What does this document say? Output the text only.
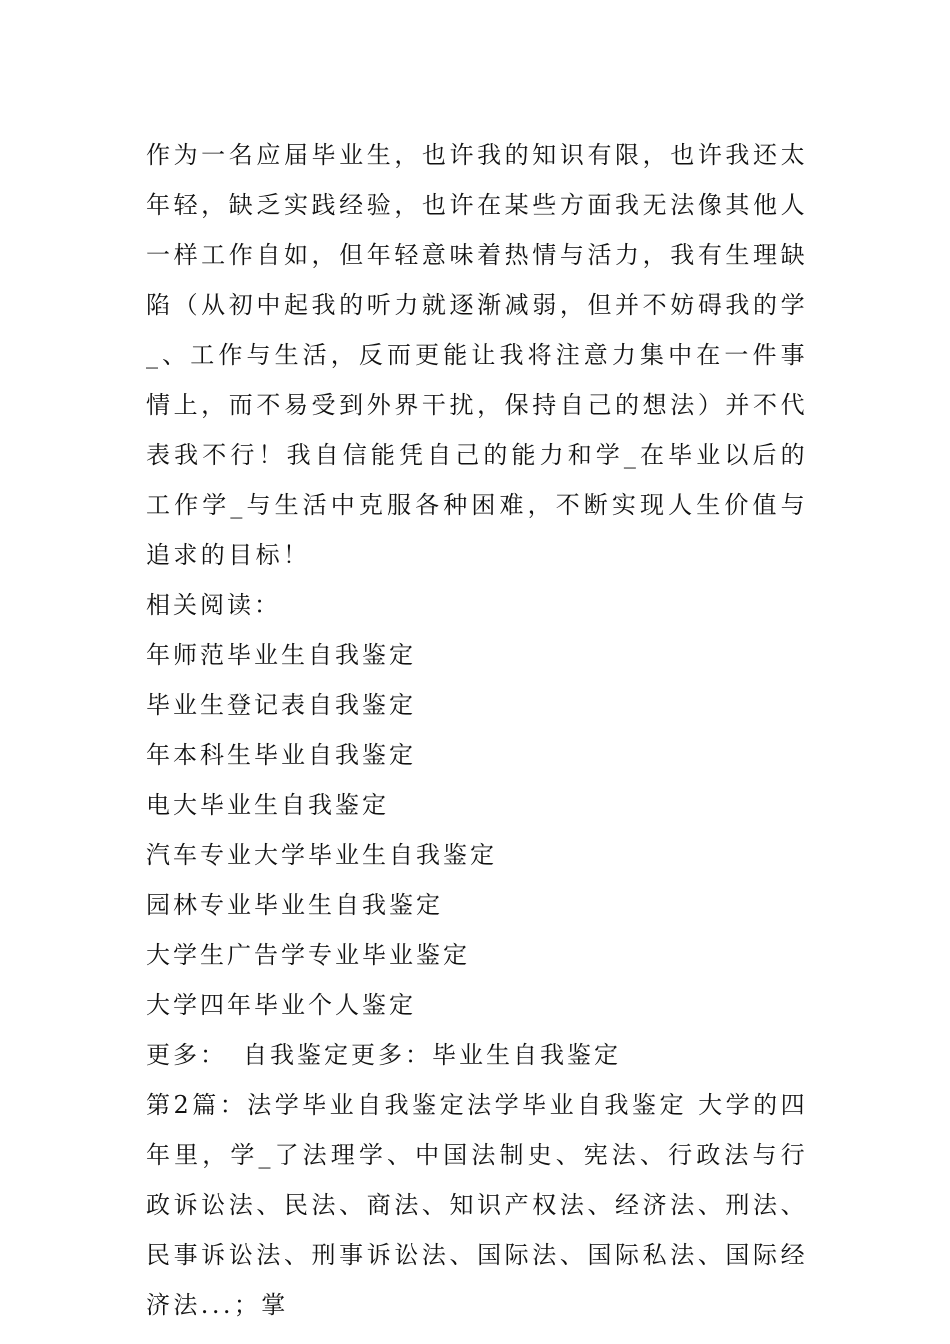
作为一名应届毕业生，也许我的知识有限，也许我还太年轻，缺乏实践经验，也许在某些方面我无法像其他人一样工作自如，但年轻意味着热情与活力，我有生理缺陷（从初中起我的听力就逐渐减弱，但并不妨碍我的学_、工作与生活，反而更能让我将注意力集中在一件事情上，而不易受到外界干扰，保持自己的想法）并不代表我不行！我自信能凭自己的能力和学_在毕业以后的工作学_与生活中克服各种困难，不断实现人生价值与追求的目标！

相关阅读：

年师范毕业生自我鉴定
毕业生登记表自我鉴定
年本科生毕业自我鉴定
电大毕业生自我鉴定
汽车专业大学毕业生自我鉴定
园林专业毕业生自我鉴定
大学生广告学专业毕业鉴定
大学四年毕业个人鉴定
更多： 自我鉴定更多：毕业生自我鉴定

第2篇：法学毕业自我鉴定法学毕业自我鉴定 大学的四年里，学_了法理学、中国法制史、宪法、行政法与行政诉讼法、民法、商法、知识产权法、经济法、刑法、民事诉讼法、刑事诉讼法、国际法、国际私法、国际经济法...；掌
